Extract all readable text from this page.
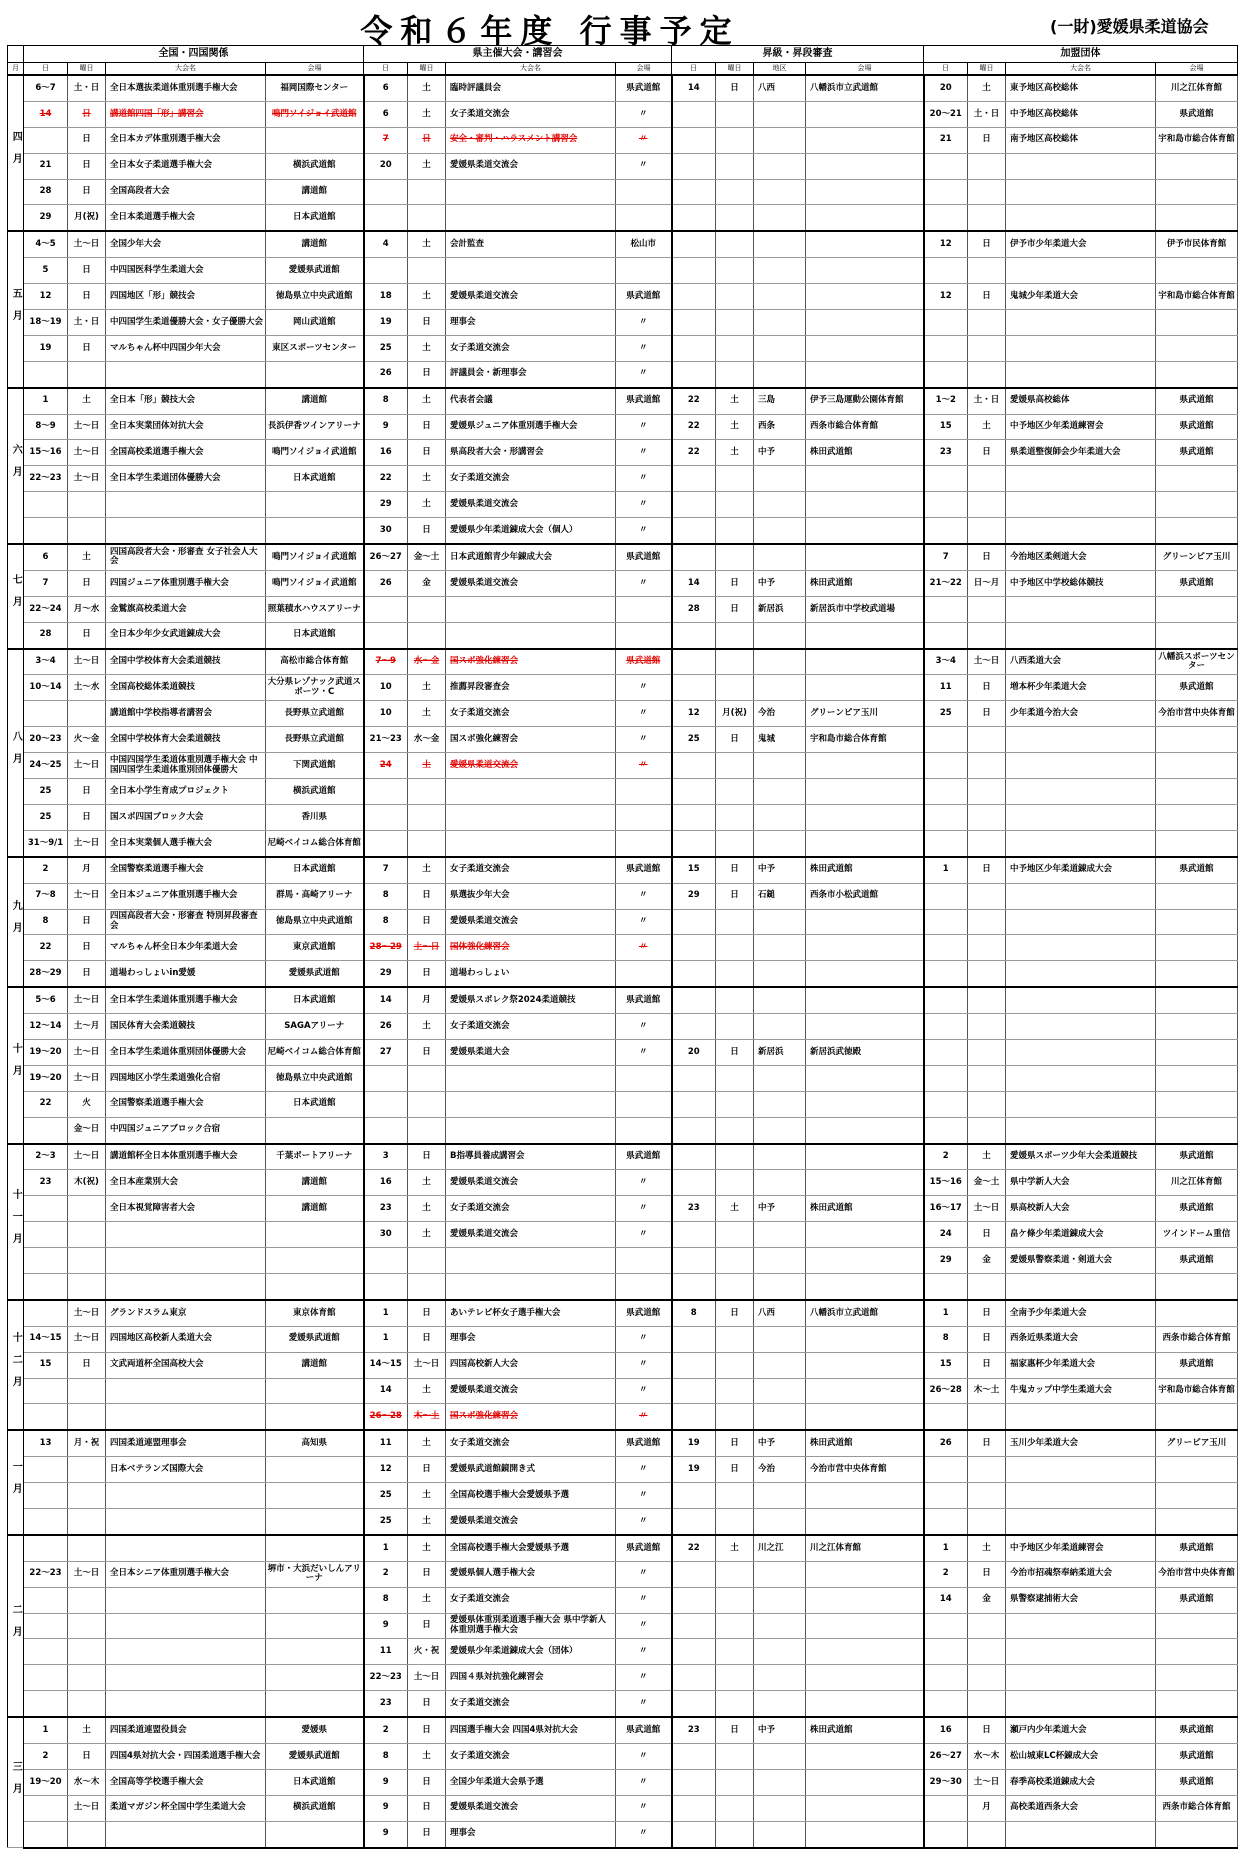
令和６年度 行事予定	(一財)愛媛県柔道協会
	全国・四国関係				県主催大会・講習会				昇級・昇段審査				加盟団体			
月	日	曜日	大会名	会場	日	曜日	大会名	会場	日	曜日	地区	会場	日	曜日	大会名	会場
四月	6～7	土・日	全日本選抜柔道体重別選手権大会	福岡国際センター	6	土	臨時評議員会	県武道館	14	日	八西	八幡浜市立武道館	20	土	東予地区高校総体	川之江体育館
	14	日	講道館四国「形」講習会	鳴門ソイジョイ武道館	6	土	女子柔道交流会	〃					20～21	土・日	中予地区高校総体	県武道館
		日	全日本カデ体重別選手権大会		7	日	安全・審判・ハラスメント講習会	〃					21	日	南予地区高校総体	宇和島市総合体育館
	21	日	全日本女子柔道選手権大会	横浜武道館	20	土	愛媛県柔道交流会	〃								
	28	日	全国高段者大会	講道館												
	29	月(祝)	全日本柔道選手権大会	日本武道館												
五月	4～5	土～日	全国少年大会	講道館	4	土	会計監査	松山市					12	日	伊予市少年柔道大会	伊予市民体育館
	5	日	中四国医科学生柔道大会	愛媛県武道館												
	12	日	四国地区「形」競技会	徳島県立中央武道館	18	土	愛媛県柔道交流会	県武道館					12	日	鬼城少年柔道大会	宇和島市総合体育館
	18～19	土・日	中四国学生柔道優勝大会・女子優勝大会	岡山武道館	19	日	理事会	〃								
	19	日	マルちゃん杯中四国少年大会	東区スポーツセンター	25	土	女子柔道交流会	〃								
					26	日	評議員会・新理事会	〃								
六月	1	土	全日本「形」競技大会	講道館	8	土	代表者会議	県武道館	22	土	三島	伊予三島運動公園体育館	1～2	土・日	愛媛県高校総体	県武道館
	8～9	土～日	全日本実業団体対抗大会	長浜伊香ツインアリーナ	9	日	愛媛県ジュニア体重別選手権大会	〃	22	土	西条	西条市総合体育館	15	土	中予地区少年柔道練習会	県武道館
	15～16	土～日	全国高校柔道選手権大会	鳴門ソイジョイ武道館	16	日	県高段者大会・形講習会	〃	22	土	中予	株田武道館	23	日	県柔道整復師会少年柔道大会	県武道館
	22～23	土～日	全日本学生柔道団体優勝大会	日本武道館	22	土	女子柔道交流会	〃								
					29	土	愛媛県柔道交流会	〃								
					30	日	愛媛県少年柔道錬成大会（個人）	〃								
七月	6	土	四国高段者大会・形審査 女子社会人大会	鳴門ソイジョイ武道館	26～27	金～土	日本武道館青少年錬成大会	県武道館					7	日	今治地区柔剣道大会	グリーンピア玉川
	7	日	四国ジュニア体重別選手権大会	鳴門ソイジョイ武道館	26	金	愛媛県柔道交流会	〃	14	日	中予	株田武道館	21～22	日～月	中予地区中学校総体競技	県武道館
	22～24	月～水	金鷲旗高校柔道大会	照葉積水ハウスアリーナ					28	日	新居浜	新居浜市中学校武道場				
	28	日	全日本少年少女武道錬成大会	日本武道館												
八月	3～4	土～日	全国中学校体育大会柔道競技	高松市総合体育館	7～9	水～金	国スポ強化練習会	県武道館					3～4	土～日	八西柔道大会	八幡浜スポーツセンター
	10～14	土～水	全国高校総体柔道競技	大分県レゾナック武道スポーツ・C	10	土	推薦昇段審査会	〃					11	日	増本杯少年柔道大会	県武道館
			講道館中学校指導者講習会	長野県立武道館	10	土	女子柔道交流会	〃	12	月(祝)	今治	グリーンピア玉川	25	日	少年柔道今治大会	今治市営中央体育館
	20～23	火～金	全国中学校体育大会柔道競技	長野県立武道館	21～23	水～金	国スポ強化練習会	〃	25	日	鬼城	宇和島市総合体育館				
	24～25	土～日	中国四国学生柔道体重別選手権大会 中国四国学生柔道体重別団体優勝大	下関武道館	24	土	愛媛県柔道交流会	〃								
	25	日	全日本小学生育成プロジェクト	横浜武道館												
	25	日	国スポ四国ブロック大会	香川県												
	31～9/1	土～日	全日本実業個人選手権大会	尼崎ベイコム総合体育館												
九月	2	月	全国警察柔道選手権大会	日本武道館	7	土	女子柔道交流会	県武道館	15	日	中予	株田武道館	1	日	中予地区少年柔道錬成大会	県武道館
	7～8	土～日	全日本ジュニア体重別選手権大会	群馬・高崎アリーナ	8	日	県選抜少年大会	〃	29	日	石鎚	西条市小松武道館				
	8	日	四国高段者大会・形審査 特別昇段審査会	徳島県立中央武道館	8	日	愛媛県柔道交流会	〃								
	22	日	マルちゃん杯全日本少年柔道大会	東京武道館	28～29	土～日	国体強化練習会	〃								
	28～29	日	道場わっしょいin愛媛	愛媛県武道館	29	日	道場わっしょい									
十月	5～6	土～日	全日本学生柔道体重別選手権大会	日本武道館	14	月	愛媛県スポレク祭2024柔道競技	県武道館								
	12～14	土～月	国民体育大会柔道競技	SAGAアリーナ	26	土	女子柔道交流会	〃								
	19～20	土～日	全日本学生柔道体重別団体優勝大会	尼崎ベイコム総合体育館	27	日	愛媛県柔道大会	〃	20	日	新居浜	新居浜武徳殿				
	19～20	土～日	四国地区小学生柔道強化合宿	徳島県立中央武道館												
	22	火	全国警察柔道選手権大会	日本武道館												
		金～日	中四国ジュニアブロック合宿													
十一月	2～3	土～日	講道館杯全日本体重別選手権大会	千葉ポートアリーナ	3	日	B指導員養成講習会	県武道館					2	土	愛媛県スポーツ少年大会柔道競技	県武道館
	23	木(祝)	全日本産業別大会	講道館	16	土	愛媛県柔道交流会	〃					15～16	金～土	県中学新人大会	川之江体育館
			全日本視覚障害者大会	講道館	23	土	女子柔道交流会	〃	23	土	中予	株田武道館	16～17	土～日	県高校新人大会	県武道館
					30	土	愛媛県柔道交流会	〃					24	日	畠ケ條少年柔道錬成大会	ツインドーム重信
													29	金	愛媛県警察柔道・剣道大会	県武道館

十二月		土～日	グランドスラム東京	東京体育館	1	日	あいテレビ杯女子選手権大会	県武道館	8	日	八西	八幡浜市立武道館	1	日	全南予少年柔道大会	
	14～15	土～日	四国地区高校新人柔道大会	愛媛県武道館	1	日	理事会	〃					8	日	西条近県柔道大会	西条市総合体育館
	15	日	文武両道杯全国高校大会	講道館	14～15	土～日	四国高校新人大会	〃					15	日	福家惠杯少年柔道大会	県武道館
					14	土	愛媛県柔道交流会	〃					26～28	木～土	牛鬼カップ中学生柔道大会	宇和島市総合体育館
					26～28	木～土	国スポ強化練習会	〃								
一月	13	月・祝	四国柔道連盟理事会	高知県	11	土	女子柔道交流会	県武道館	19	日	中予	株田武道館	26	日	玉川少年柔道大会	グリーピア玉川
			日本ベテランズ国際大会		12	日	愛媛県武道館鏡開き式	〃	19	日	今治	今治市営中央体育館				
					25	土	全国高校選手権大会愛媛県予選	〃								
					25	土	愛媛県柔道交流会	〃								
二月					1	土	全国高校選手権大会愛媛県予選	県武道館	22	土	川之江	川之江体育館	1	土	中予地区少年柔道練習会	県武道館
	22～23	土～日	全日本シニア体重別選手権大会	堺市・大浜だいしんアリーナ	2	日	愛媛県個人選手権大会	〃					2	日	今治市招魂祭奉納柔道大会	今治市営中央体育館
					8	土	女子柔道交流会	〃					14	金	県警察逮捕術大会	県武道館
					9	日	愛媛県体重別柔道選手権大会 県中学新人体重別選手権大会	〃								
					11	火・祝	愛媛県少年柔道錬成大会（団体）	〃								
					22～23	土～日	四国４県対抗強化練習会	〃								
					23	日	女子柔道交流会	〃								
三月	1	土	四国柔道連盟役員会	愛媛県	2	日	四国選手権大会 四国4県対抗大会	県武道館	23	日	中予	株田武道館	16	日	瀬戸内少年柔道大会	県武道館
	2	日	四国4県対抗大会・四国柔道選手権大会	愛媛県武道館	8	土	女子柔道交流会	〃					26～27	水～木	松山城東LC杯錬成大会	県武道館
	19～20	水～木	全国高等学校選手権大会	日本武道館	9	日	全国少年柔道大会県予選	〃					29～30	土～日	春季高校柔道錬成大会	県武道館
		土～日	柔道マガジン杯全国中学生柔道大会	横浜武道館	9	日	愛媛県柔道交流会	〃						月	高校柔道西条大会	西条市総合体育館
					9	日	理事会	〃								
